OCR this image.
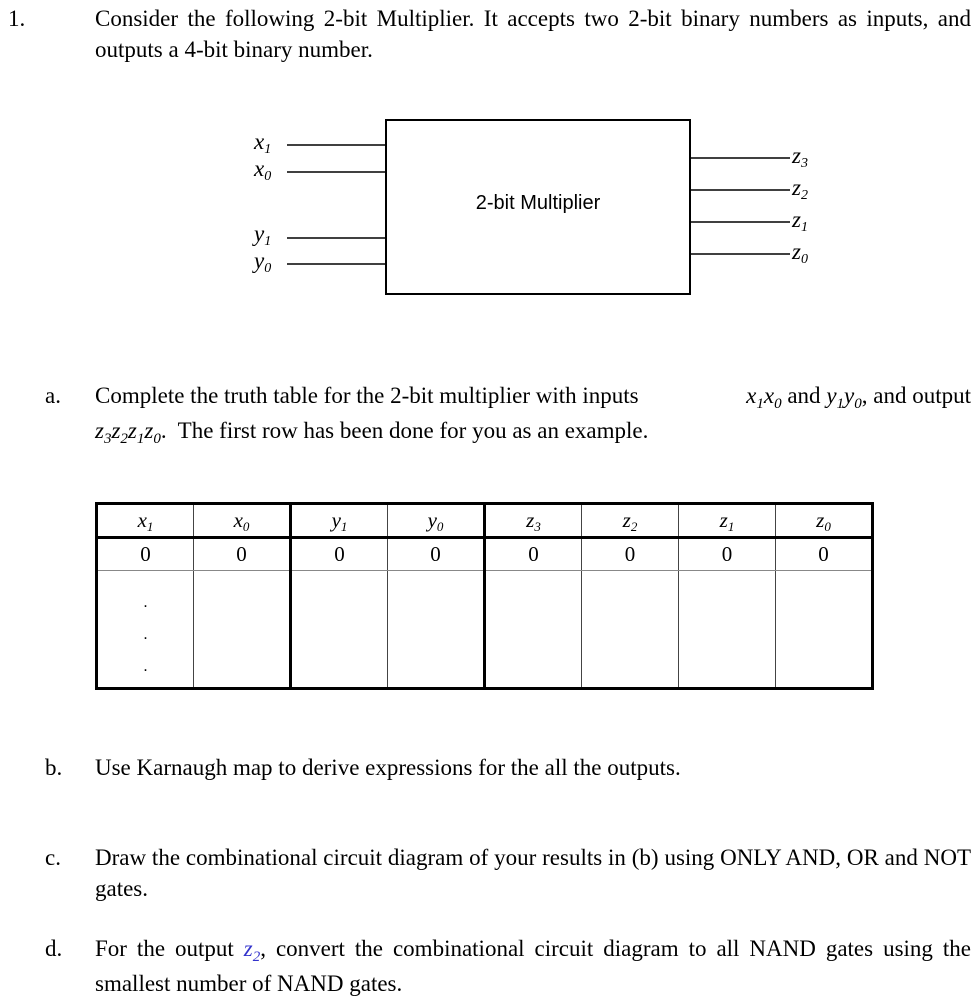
1.	Consider the following 2-bit Multiplier. It accepts two 2-bit binary numbers as inputs, and outputs a 4-bit binary number.
x1
x0
y1
y0
z3
z2
z1
z0
2-bit Multiplier
a. Complete the truth table for the 2-bit multiplier with inputs	$x_1x_0$ and $y_1y_0$, and output
$z_3z_2z_1z_0$.  The first row has been done for you as an example.
x1	x0	y1	y0	z3	z2	z1	z0
0	0	0	0	0	0	0	0

.
.
.							

b. Use Karnaugh map to derive expressions for the all the outputs.
c. Draw the combinational circuit diagram of your results in (b) using ONLY AND, OR and NOT gates.
d. For the output $z_2$, convert the combinational circuit diagram to all NAND gates using the smallest number of NAND gates.
